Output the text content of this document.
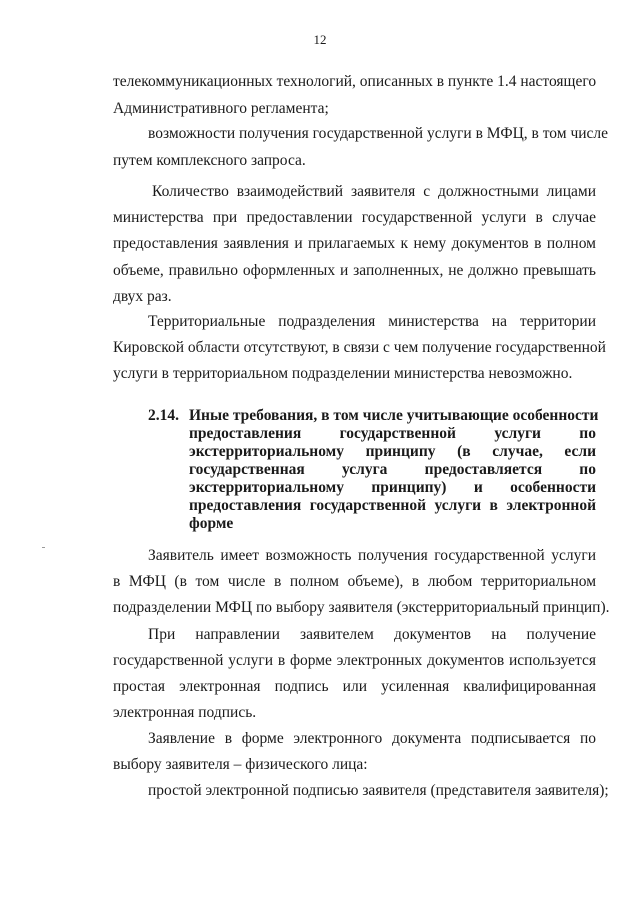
12
телекоммуникационных технологий, описанных в пункте 1.4 настоящего
Административного регламента;
возможности получения государственной услуги в МФЦ, в том числе
путем комплексного запроса.
Количество взаимодействий заявителя с должностными лицами
министерства при предоставлении государственной услуги в случае
предоставления заявления и прилагаемых к нему документов в полном
объеме, правильно оформленных и заполненных, не должно превышать
двух раз.
Территориальные подразделения министерства на территории
Кировской области отсутствуют, в связи с чем получение государственной
услуги в территориальном подразделении министерства невозможно.
2.14. Иные требования, в том числе учитывающие особенности
предоставления государственной услуги по
экстерриториальному принципу (в случае, если
государственная услуга предоставляется по
экстерриториальному принципу) и особенности
предоставления государственной услуги в электронной
форме
Заявитель имеет возможность получения государственной услуги
в МФЦ (в том числе в полном объеме), в любом территориальном
подразделении МФЦ по выбору заявителя (экстерриториальный принцип).
При направлении заявителем документов на получение
государственной услуги в форме электронных документов используется
простая электронная подпись или усиленная квалифицированная
электронная подпись.
Заявление в форме электронного документа подписывается по
выбору заявителя – физического лица:
простой электронной подписью заявителя (представителя заявителя);
